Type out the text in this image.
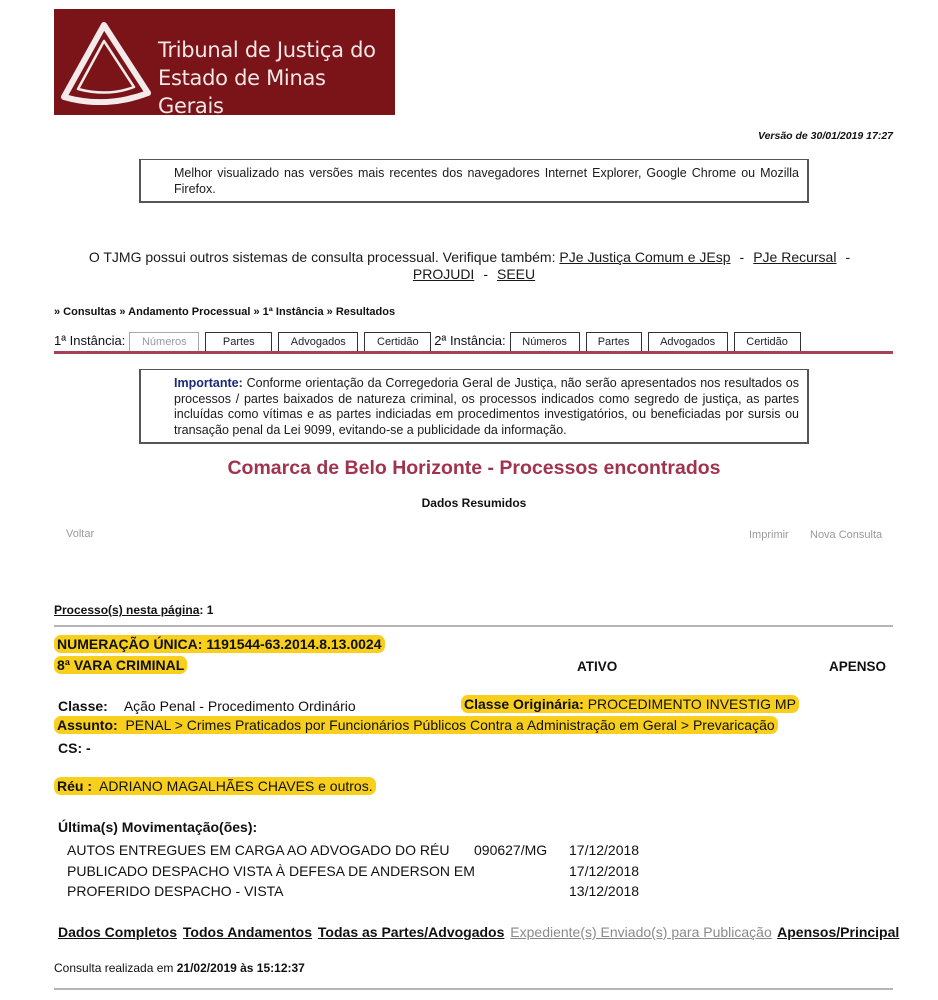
Tribunal de Justiça do
Estado de Minas Gerais
Versão de 30/01/2019 17:27
Melhor visualizado nas versões mais recentes dos navegadores Internet Explorer, Google Chrome ou Mozilla Firefox.
O TJMG possui outros sistemas de consulta processual. Verifique também: PJe Justiça Comum e JEsp - PJe Recursal -
PROJUDI - SEEU
» Consultas » Andamento Processual » 1ª Instância » Resultados
1ª Instância:	Números	Partes	Advogados	Certidão	2ª Instância:	Números	Partes	Advogados	Certidão
Importante: Conforme orientação da Corregedoria Geral de Justiça, não serão apresentados nos resultados os processos / partes baixados de natureza criminal, os processos indicados como segredo de justiça, as partes incluídas como vítimas e as partes indiciadas em procedimentos investigatórios, ou beneficiadas por sursis ou transação penal da Lei 9099, evitando-se a publicidade da informação.
Comarca de Belo Horizonte - Processos encontrados
Dados Resumidos
Voltar	Imprimir Nova Consulta
Processo(s) nesta página: 1
NUMERAÇÃO ÚNICA: 1191544-63.2014.8.13.0024
8ª VARA CRIMINAL	ATIVO	APENSO
Classe: Ação Penal - Procedimento Ordinário	Classe Originária: PROCEDIMENTO INVESTIG MP
Assunto:  PENAL > Crimes Praticados por Funcionários Públicos Contra a Administração em Geral > Prevaricação
CS: -
Réu :  ADRIANO MAGALHÃES CHAVES e outros.
Última(s) Movimentação(ões):
AUTOS ENTREGUES EM CARGA AO ADVOGADO DO RÉU 090627/MG 17/12/2018
PUBLICADO DESPACHO VISTA À DEFESA DE ANDERSON EM	17/12/2018
PROFERIDO DESPACHO - VISTA	13/12/2018
Dados Completos Todos Andamentos Todas as Partes/Advogados Expediente(s) Enviado(s) para Publicação Apensos/Principal
Consulta realizada em 21/02/2019 às 15:12:37
